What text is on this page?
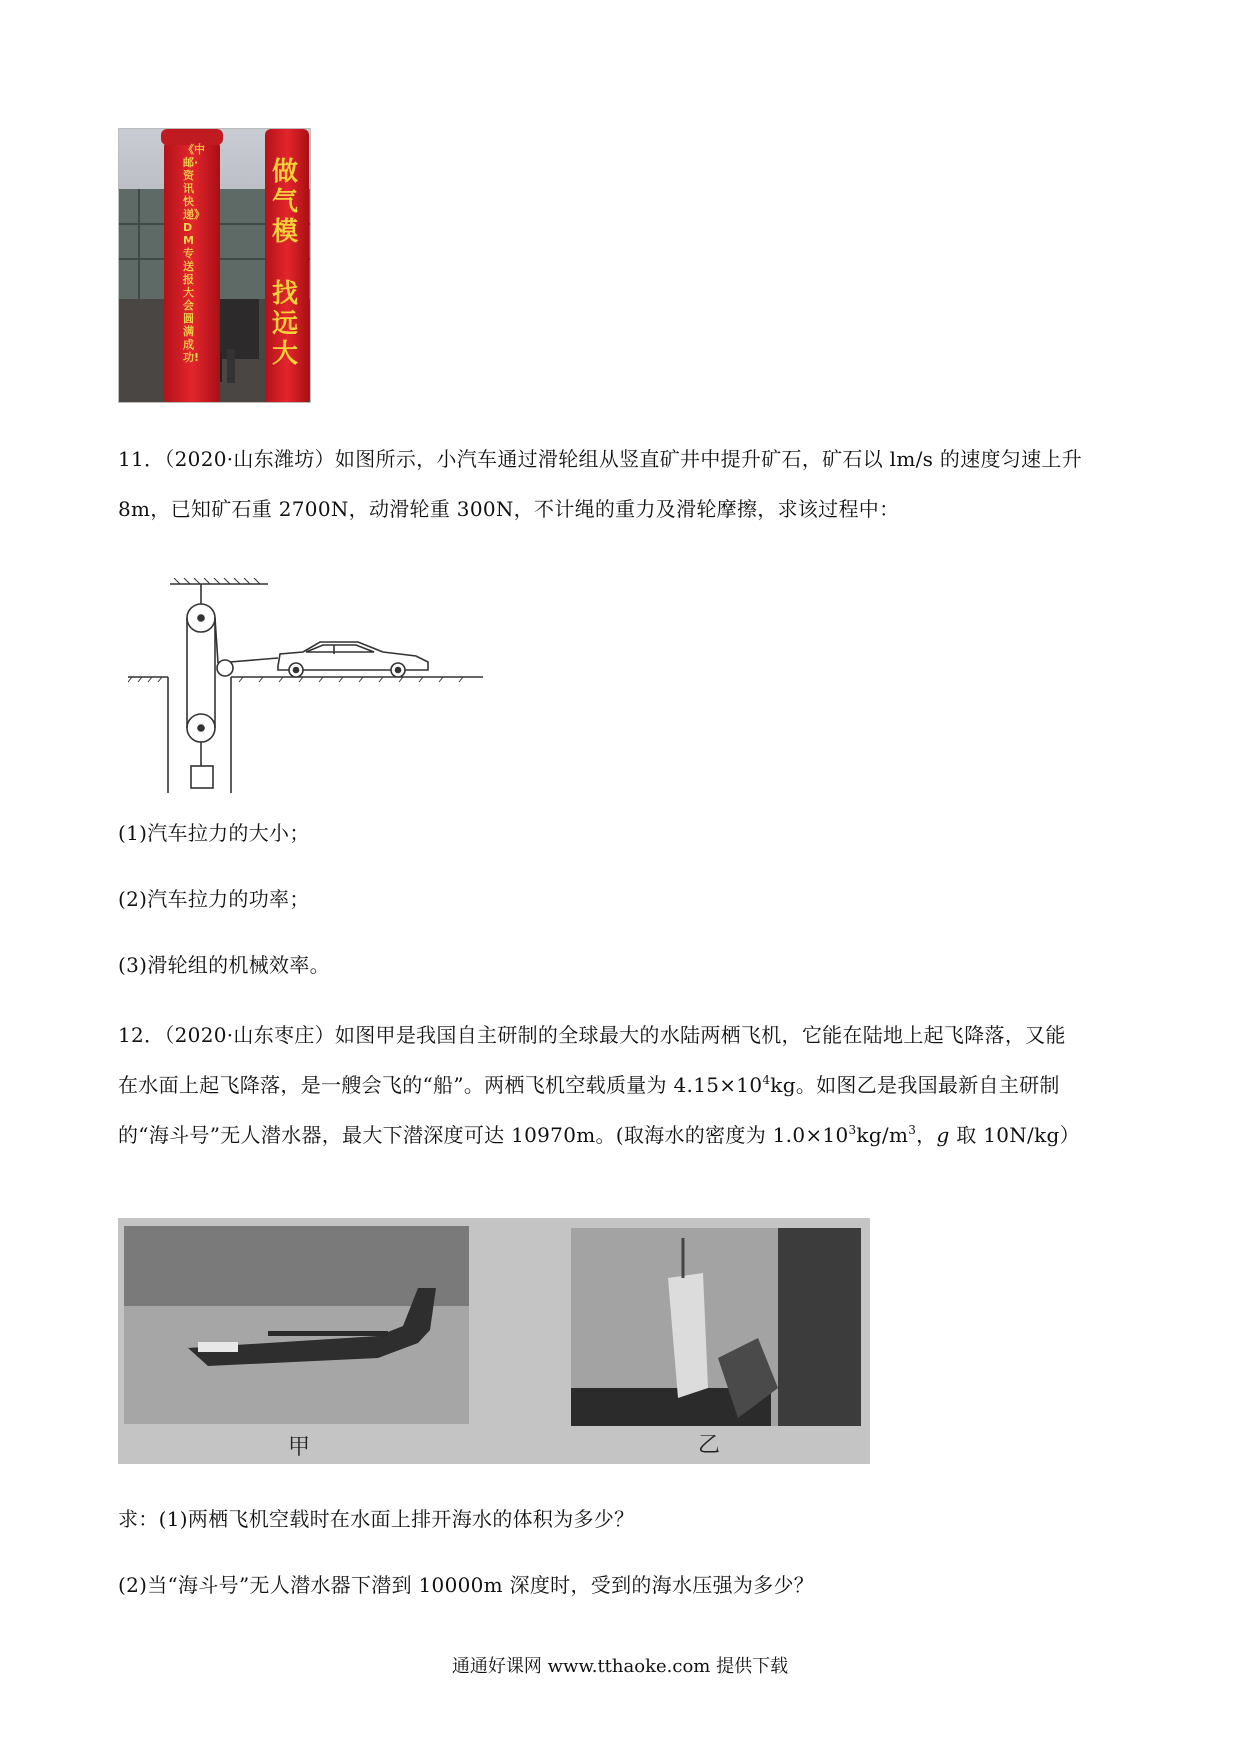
《中邮·资讯快递》DM专送报大会圆满成功!
做气模
找远大
11．（2020·山东潍坊）如图所示，小汽车通过滑轮组从竖直矿井中提升矿石，矿石以 lm/s 的速度匀速上升
8m，已知矿石重 2700N，动滑轮重 300N，不计绳的重力及滑轮摩擦，求该过程中：
(1)汽车拉力的大小；
(2)汽车拉力的功率；
(3)滑轮组的机械效率。
12．（2020·山东枣庄）如图甲是我国自主研制的全球最大的水陆两栖飞机，它能在陆地上起飞降落，又能
在水面上起飞降落，是一艘会飞的“船”。两栖飞机空载质量为 $4.15\times 10^4kg$。如图乙是我国最新自主研制
的“海斗号”无人潜水器，最大下潜深度可达 10970m。(取海水的密度为 $1.0\times 10^3kg/m^3$，g 取 10N/kg）
甲	乙
求：(1)两栖飞机空载时在水面上排开海水的体积为多少？
(2)当“海斗号”无人潜水器下潜到 10000m 深度时，受到的海水压强为多少？
通通好课网 www.tthaoke.com 提供下载
